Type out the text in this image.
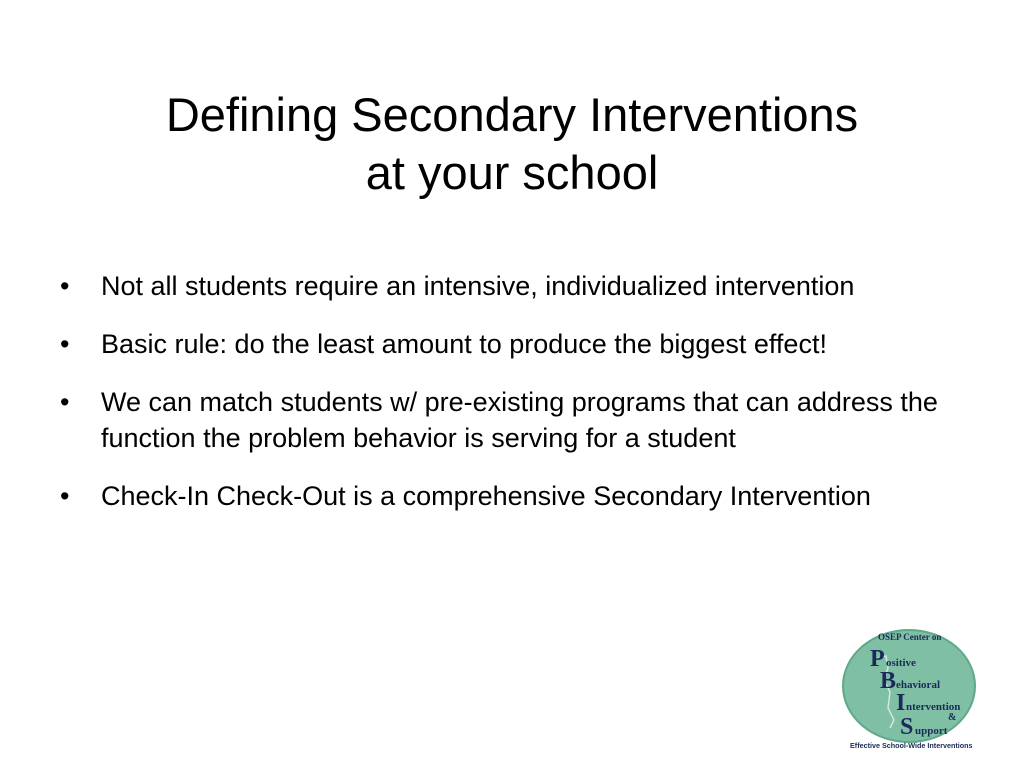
Defining Secondary Interventions
at your school
• Not all students require an intensive, individualized intervention
• Basic rule: do the least amount to produce the biggest effect!
• We can match students w/ pre-existing programs that can address the function the problem behavior is serving for a student
• Check-In Check-Out is a comprehensive Secondary Intervention
OSEP Center on
P ositive
B ehavioral
I ntervention
&
S upport
Effective School-Wide Interventions
